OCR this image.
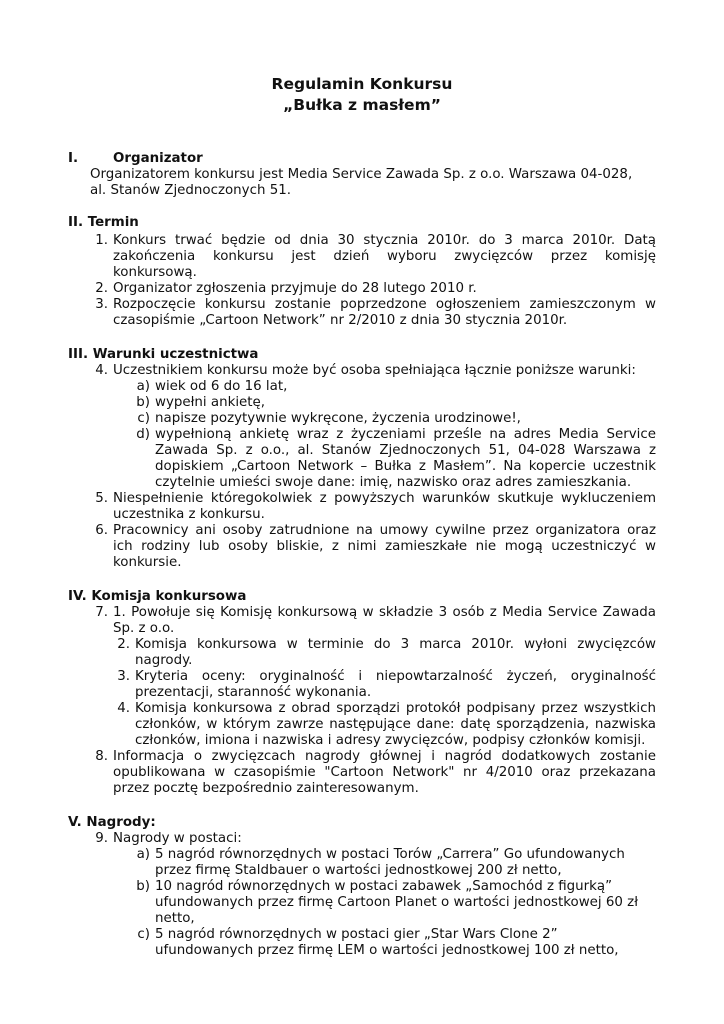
Regulamin Konkursu
„Bułka z masłem”
I.	Organizator
Organizatorem konkursu jest Media Service Zawada Sp. z o.o. Warszawa 04-028,
al. Stanów Zjednoczonych 51.
II. Termin
1. Konkurs trwać będzie od dnia 30 stycznia 2010r. do 3 marca 2010r. Datą
zakończenia konkursu jest dzień wyboru zwycięzców przez komisję
konkursową.
2. Organizator zgłoszenia przyjmuje do 28 lutego 2010 r.
3. Rozpoczęcie konkursu zostanie poprzedzone ogłoszeniem zamieszczonym w
czasopiśmie „Cartoon Network” nr 2/2010 z dnia 30 stycznia 2010r.
III. Warunki uczestnictwa
4. Uczestnikiem konkursu może być osoba spełniająca łącznie poniższe warunki:
a) wiek od 6 do 16 lat,
b) wypełni ankietę,
c) napisze pozytywnie wykręcone, życzenia urodzinowe!,
d) wypełnioną ankietę wraz z życzeniami prześle na adres Media Service
Zawada Sp. z o.o., al. Stanów Zjednoczonych 51, 04-028 Warszawa z
dopiskiem „Cartoon Network – Bułka z Masłem”. Na kopercie uczestnik
czytelnie umieści swoje dane: imię, nazwisko oraz adres zamieszkania.
5. Niespełnienie któregokolwiek z powyższych warunków skutkuje wykluczeniem
uczestnika z konkursu.
6. Pracownicy ani osoby zatrudnione na umowy cywilne przez organizatora oraz
ich rodziny lub osoby bliskie, z nimi zamieszkałe nie mogą uczestniczyć w
konkursie.
IV. Komisja konkursowa
7. 1. Powołuje się Komisję konkursową w składzie 3 osób z Media Service Zawada
Sp. z o.o.
2. Komisja konkursowa w terminie do 3 marca 2010r. wyłoni zwycięzców
nagrody.
3. Kryteria oceny: oryginalność i niepowtarzalność życzeń, oryginalność
prezentacji, staranność wykonania.
4. Komisja konkursowa z obrad sporządzi protokół podpisany przez wszystkich
członków, w którym zawrze następujące dane: datę sporządzenia, nazwiska
członków, imiona i nazwiska i adresy zwycięzców, podpisy członków komisji.
8. Informacja o zwycięzcach nagrody głównej i nagród dodatkowych zostanie
opublikowana w czasopiśmie "Cartoon Network" nr 4/2010 oraz przekazana
przez pocztę bezpośrednio zainteresowanym.
V. Nagrody:
9. Nagrody w postaci:
a) 5 nagród równorzędnych w postaci Torów „Carrera” Go ufundowanych
przez firmę Staldbauer o wartości jednostkowej 200 zł netto,
b) 10 nagród równorzędnych w postaci zabawek „Samochód z figurką”
ufundowanych przez firmę Cartoon Planet o wartości jednostkowej 60 zł
netto,
c) 5 nagród równorzędnych w postaci gier „Star Wars Clone 2”
ufundowanych przez firmę LEM o wartości jednostkowej 100 zł netto,
